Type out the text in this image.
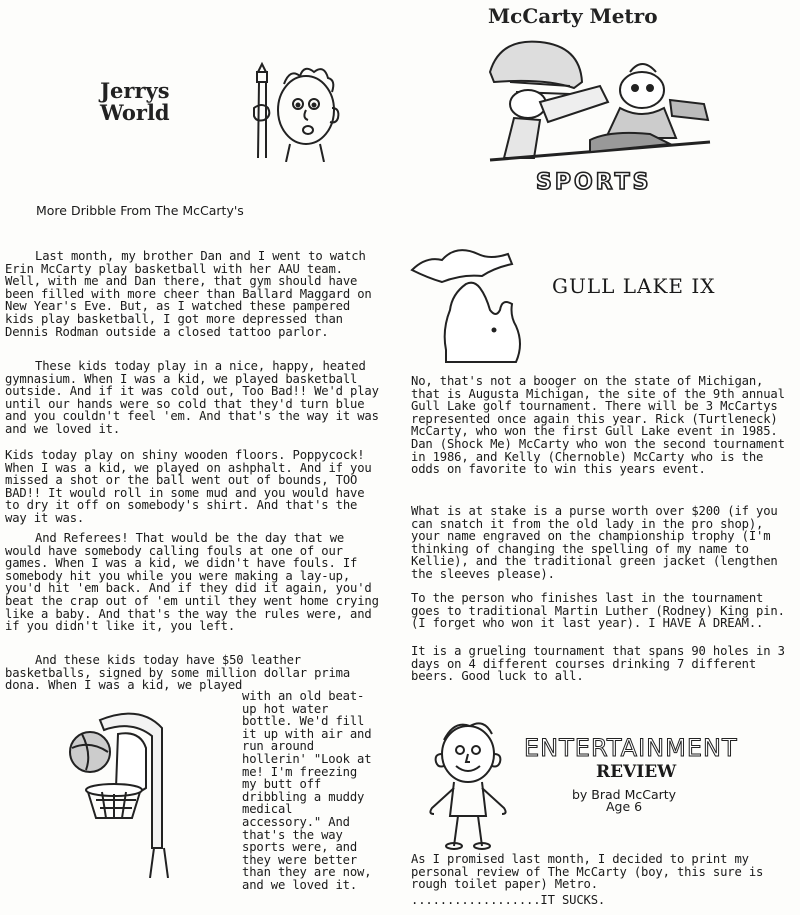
Jerrys
World
McCarty Metro
SPORTS
More Dribble From The McCarty's

Last month, my brother Dan and I went to watch Erin McCarty play basketball with her AAU team. Well, with me and Dan there, that gym should have been filled with more cheer than Ballard Maggard on New Year's Eve. But, as I watched these pampered kids play basketball, I got more depressed than Dennis Rodman outside a closed tattoo parlor.

These kids today play in a nice, happy, heated gymnasium. When I was a kid, we played basketball outside. And if it was cold out, Too Bad!! We'd play until our hands were so cold that they'd turn blue and you couldn't feel 'em. And that's the way it was and we loved it.

Kids today play on shiny wooden floors. Poppycock! When I was a kid, we played on ashphalt. And if you missed a shot or the ball went out of bounds, TOO BAD!! It would roll in some mud and you would have to dry it off on somebody's shirt. And that's the way it was.

And Referees! That would be the day that we would have somebody calling fouls at one of our games. When I was a kid, we didn't have fouls. If somebody hit you while you were making a lay-up, you'd hit 'em back. And if they did it again, you'd beat the crap out of 'em until they went home crying like a baby. And that's the way the rules were, and if you didn't like it, you left.

And these kids today have $50 leather basketballs, signed by some million dollar prima dona. When I was a kid, we played

with an old beat-up hot water bottle. We'd fill it up with air and run around hollerin' "Look at me! I'm freezing my butt off dribbling a muddy medical accessory." And that's the way sports were, and they were better than they are now, and we loved it.

GULL LAKE IX

No, that's not a booger on the state of Michigan, that is Augusta Michigan, the site of the 9th annual Gull Lake golf tournament. There will be 3 McCartys represented once again this year. Rick (Turtleneck) McCarty, who won the first Gull Lake event in 1985. Dan (Shock Me) McCarty who won the second tournament in 1986, and Kelly (Chernoble) McCarty who is the odds on favorite to win this years event.

What is at stake is a purse worth over $200 (if you can snatch it from the old lady in the pro shop), your name engraved on the championship trophy (I'm thinking of changing the spelling of my name to Kellie), and the traditional green jacket (lengthen the sleeves please).

To the person who finishes last in the tournament goes to traditional Martin Luther (Rodney) King pin. (I forget who won it last year). I HAVE A DREAM..

It is a grueling tournament that spans 90 holes in 3 days on 4 different courses drinking 7 different beers. Good luck to all.

ENTERTAINMENT
REVIEW
by Brad McCarty
Age 6

As I promised last month, I decided to print my personal review of The McCarty (boy, this sure is rough toilet paper) Metro.

..................IT SUCKS.
